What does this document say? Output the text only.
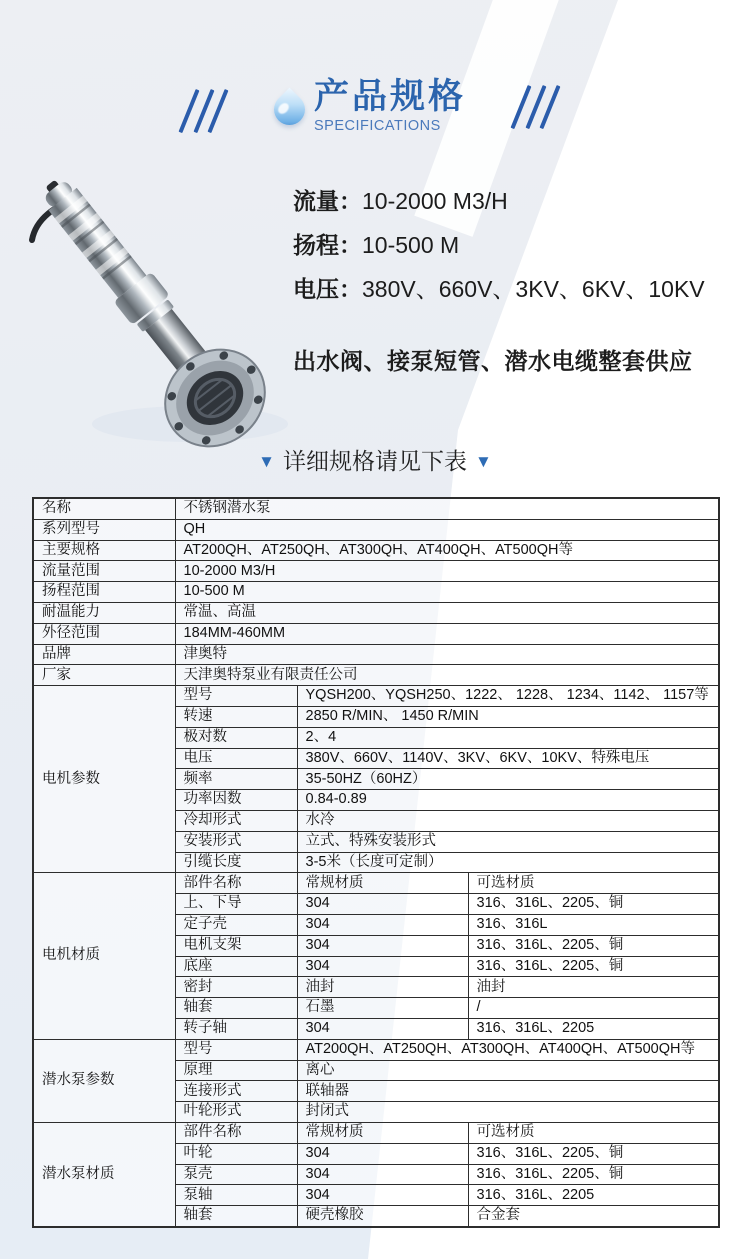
产品规格
SPECIFICATIONS
流量：10-2000 M3/H
扬程：10-500 M
电压：380V、660V、3KV、6KV、10KV
出水阀、接泵短管、潜水电缆整套供应
▼ 详细规格请见下表 ▼
名称	不锈钢潜水泵		
系列型号	QH		
主要规格	AT200QH、AT250QH、AT300QH、AT400QH、AT500QH等		
流量范围	10-2000 M3/H		
扬程范围	10-500 M		
耐温能力	常温、高温		
外径范围	184MM-460MM		
品牌	津奥特		
厂家	天津奥特泵业有限责任公司		
电机参数	型号	YQSH200、YQSH250、1222、 1228、 1234、1142、 1157等	
	转速	2850 R/MIN、 1450 R/MIN	
	极对数	2、4	
	电压	380V、660V、1140V、3KV、6KV、10KV、特殊电压	
	频率	35-50HZ（60HZ）	
	功率因数	0.84-0.89	
	冷却形式	水冷	
	安装形式	立式、特殊安装形式	
	引缆长度	3-5米（长度可定制）	
电机材质	部件名称	常规材质	可选材质
	上、下导	304	316、316L、2205、铜
	定子壳	304	316、316L
	电机支架	304	316、316L、2205、铜
	底座	304	316、316L、2205、铜
	密封	油封	油封
	轴套	石墨	/
	转子轴	304	316、316L、2205
潜水泵参数	型号	AT200QH、AT250QH、AT300QH、AT400QH、AT500QH等	
	原理	离心	
	连接形式	联轴器	
	叶轮形式	封闭式	
潜水泵材质	部件名称	常规材质	可选材质
	叶轮	304	316、316L、2205、铜
	泵壳	304	316、316L、2205、铜
	泵轴	304	316、316L、2205
	轴套	硬壳橡胶	合金套
